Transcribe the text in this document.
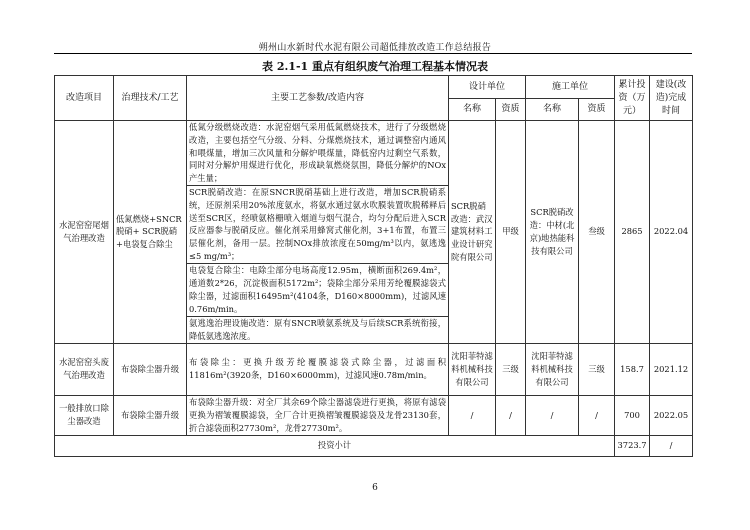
朔州山水新时代水泥有限公司超低排放改造工作总结报告
表 2.1-1 重点有组织废气治理工程基本情况表
改造项目	治理技术/工艺	主要工艺参数/改造内容	设计单位		施工单位		累计投资（万元）	建设(改造)完成时间
			名称	资质	名称	资质		
水泥窑窑尾烟气治理改造	低氮燃烧+SNCR脱硝+ SCR脱硝+电袋复合除尘	低氮分级燃烧改造：水泥窑烟气采用低氮燃烧技术，进行了分级燃烧改造，主要包括空气分级、分料、分煤燃烧技术，通过调整窑内通风和喂煤量，增加三次风量和分解炉喂煤量，降低窑内过剩空气系数，同时对分解炉用煤进行优化，形成缺氧燃烧氛围，降低分解炉的NOx产生量；	SCR脱硝改造：武汉建筑材料工业设计研究院有限公司	甲级	SCR脱硝改造：中材(北京)地热能科技有限公司	叁级	2865	2022.04
		SCR脱硝改造：在原SNCR脱硝基础上进行改造，增加SCR脱硝系统，还原剂采用20%浓度氨水，将氨水通过氨水吹膜装置吹脱稀释后送至SCR区，经喷氨格栅喷入烟道与烟气混合，均匀分配后进入SCR反应器参与脱硝反应。催化剂采用蜂窝式催化剂，3+1布置，布置三层催化剂，备用一层。控制NOx排放浓度在50mg/m³以内，氨逃逸≤5 mg/m³；						
		电袋复合除尘：电除尘部分电场高度12.95m，横断面积269.4m²，通道数2*26，沉淀极面积5172m²；袋除尘部分采用芳纶覆膜滤袋式除尘器，过滤面积16495m²(4104条，D160×8000mm)，过滤风速0.76m/min。						
		氨逃逸治理设施改造：原有SNCR喷氨系统及与后续SCR系统衔接，降低氨逃逸浓度。						
水泥窑窑头废气治理改造	布袋除尘器升级	布袋除尘：更换升级芳纶覆膜滤袋式除尘器，过滤面积11816m²(3920条，D160×6000mm)，过滤风速0.78m/min。	沈阳菲特滤料机械科技有限公司	三级	沈阳菲特滤料机械科技有限公司	三级	158.7	2021.12
一般排放口除尘器改造	布袋除尘器升级	布袋除尘器升级：对全厂其余69个除尘器滤袋进行更换，将原有滤袋更换为褶皱覆膜滤袋，全厂合计更换褶皱覆膜滤袋及龙骨23130套，折合滤袋面积27730m²，龙骨27730m²。	/	/	/	/	700	2022.05
投资小计							3723.7	/
6
